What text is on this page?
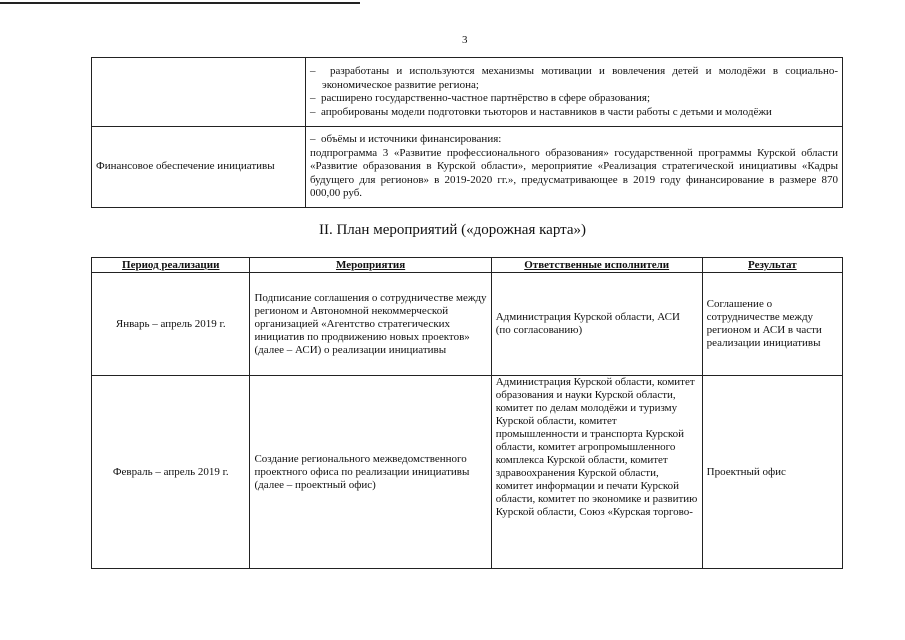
3

	–  разработаны и используются механизмы мотивации и вовлечения детей и молодёжи в социально-экономическое развитие региона;
–  расширено государственно-частное партнёрство в сфере образования;
–  апробированы модели подготовки тьюторов и наставников в части работы с детьми и молодёжи

Финансовое обеспечение инициативы	–  объёмы и источники финансирования:
подпрограмма 3 «Развитие профессионального образования» государственной программы Курской области «Развитие образования в Курской области», мероприятие «Реализация стратегической инициативы «Кадры будущего для регионов» в 2019-2020 гг.», предусматривающее в 2019 году финансирование в размере 870 000,00 руб.
II. План мероприятий («дорожная карта»)
Период реализации	Мероприятия	Ответственные исполнители	Результат
Январь – апрель 2019 г.	Подписание соглашения о сотрудничестве между регионом и Автономной некоммерческой организацией «Агентство стратегических инициатив по продвижению новых проектов» (далее – АСИ) о реализации инициативы	Администрация Курской области, АСИ (по согласованию)	Соглашение о сотрудничестве между регионом и АСИ в части реализации инициативы
Февраль – апрель 2019 г.	Создание регионального межведомственного проектного офиса по реализации инициативы (далее – проектный офис)	Администрация Курской области, комитет образования и науки Курской области, комитет по делам молодёжи и туризму Курской области, комитет промышленности и транспорта Курской области, комитет агропромышленного комплекса Курской области, комитет здравоохранения Курской области, комитет информации и печати Курской области, комитет по экономике и развитию Курской области, Союз «Курская торгово-	Проектный офис
